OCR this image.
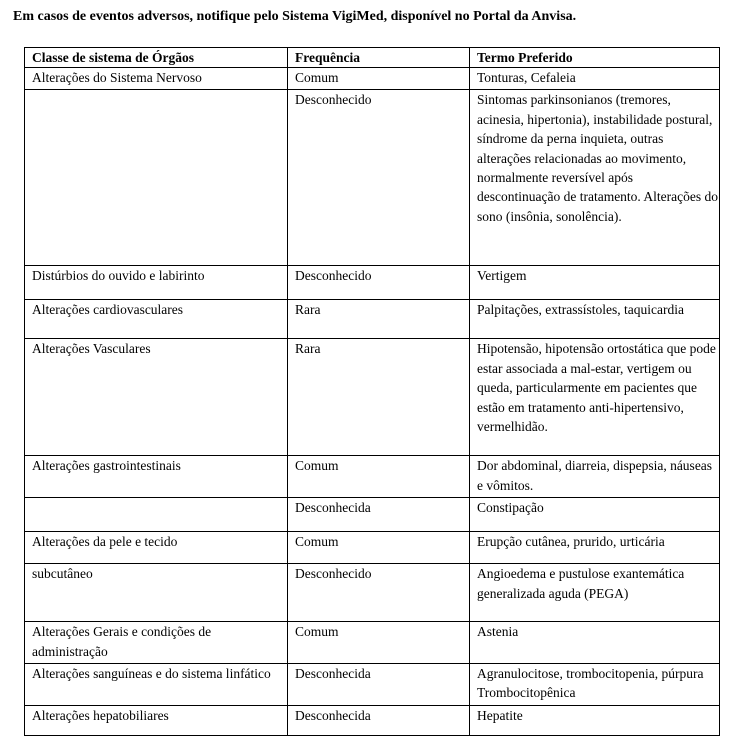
Em casos de eventos adversos, notifique pelo Sistema VigiMed, disponível no Portal da Anvisa.
Classe de sistema de Órgãos	Frequência	Termo Preferido
Alterações do Sistema Nervoso	Comum	Tonturas, Cefaleia
	Desconhecido	Sintomas parkinsonianos (tremores, acinesia, hipertonia), instabilidade postural, síndrome da perna inquieta, outras alterações relacionadas ao movimento, normalmente reversível após descontinuação de tratamento. Alterações do sono (insônia, sonolência).
Distúrbios do ouvido e labirinto	Desconhecido	Vertigem
Alterações cardiovasculares	Rara	Palpitações, extrassístoles, taquicardia
Alterações Vasculares	Rara	Hipotensão, hipotensão ortostática que pode estar associada a mal-estar, vertigem ou queda, particularmente em pacientes que estão em tratamento anti-hipertensivo, vermelhidão.
Alterações gastrointestinais	Comum	Dor abdominal, diarreia, dispepsia, náuseas e vômitos.
	Desconhecida	Constipação
Alterações da pele e tecido	Comum	Erupção cutânea, prurido, urticária
subcutâneo	Desconhecido	Angioedema e pustulose exantemática generalizada aguda (PEGA)
Alterações Gerais e condições de administração	Comum	Astenia
Alterações sanguíneas e do sistema linfático	Desconhecida	Agranulocitose, trombocitopenia, púrpura Trombocitopênica
Alterações hepatobiliares	Desconhecida	Hepatite
